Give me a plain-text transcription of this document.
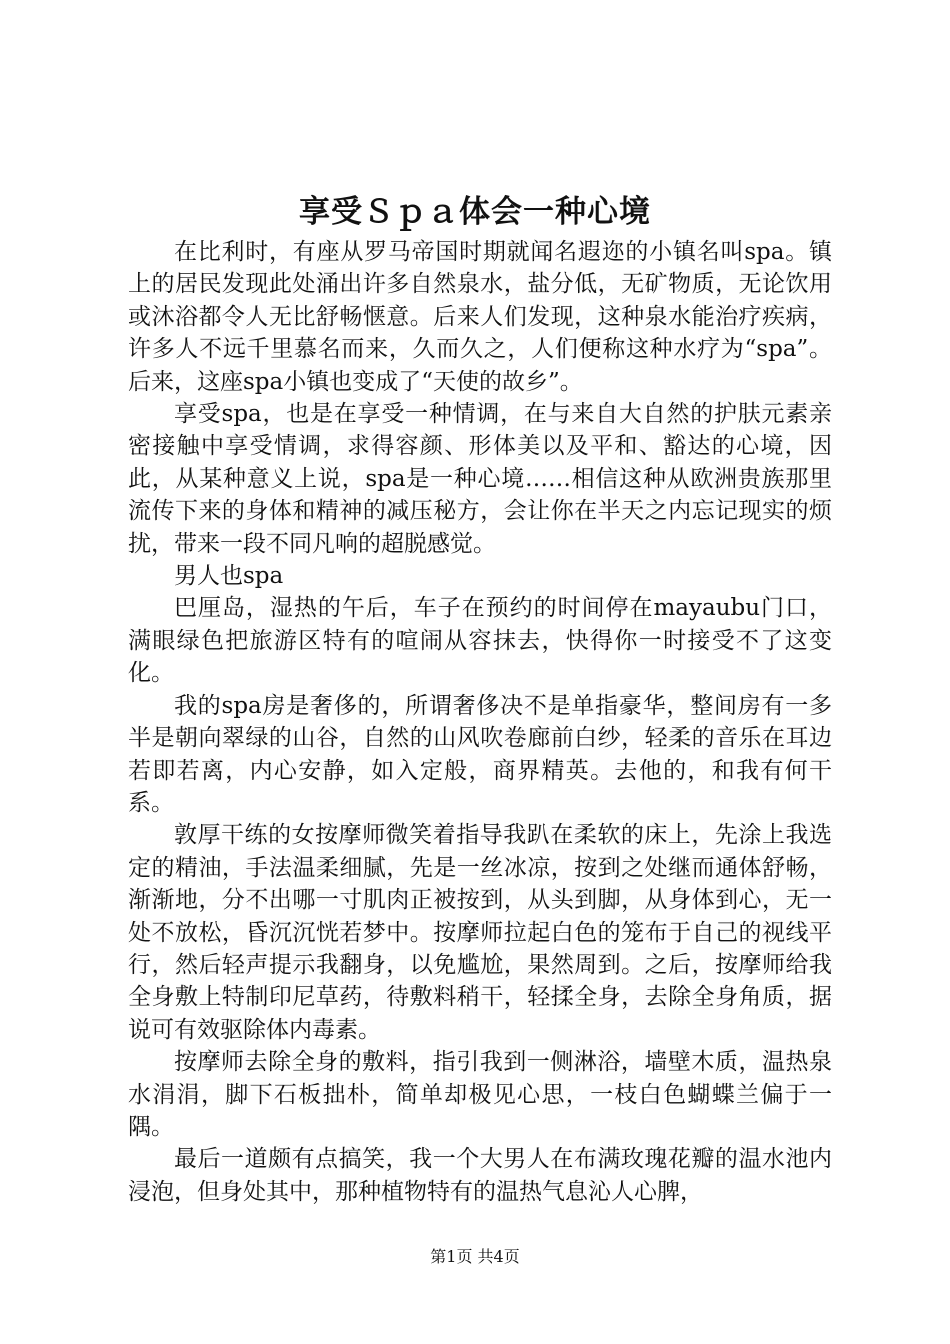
享受Ｓｐａ体会一种心境

在比利时，有座从罗马帝国时期就闻名遐迩的小镇名叫spa。镇上的居民发现此处涌出许多自然泉水，盐分低，无矿物质，无论饮用或沐浴都令人无比舒畅惬意。后来人们发现，这种泉水能治疗疾病，许多人不远千里慕名而来，久而久之，人们便称这种水疗为“spa”。后来，这座spa小镇也变成了“天使的故乡”。

享受spa，也是在享受一种情调，在与来自大自然的护肤元素亲密接触中享受情调，求得容颜、形体美以及平和、豁达的心境，因此，从某种意义上说，spa是一种心境……相信这种从欧洲贵族那里流传下来的身体和精神的减压秘方，会让你在半天之内忘记现实的烦扰，带来一段不同凡响的超脱感觉。

男人也spa

巴厘岛，湿热的午后，车子在预约的时间停在mayaubu门口，满眼绿色把旅游区特有的喧闹从容抹去，快得你一时接受不了这变化。

我的spa房是奢侈的，所谓奢侈决不是单指豪华，整间房有一多半是朝向翠绿的山谷，自然的山风吹卷廊前白纱，轻柔的音乐在耳边若即若离，内心安静，如入定般，商界精英。去他的，和我有何干系。

敦厚干练的女按摩师微笑着指导我趴在柔软的床上，先涂上我选定的精油，手法温柔细腻，先是一丝冰凉，按到之处继而通体舒畅，渐渐地，分不出哪一寸肌肉正被按到，从头到脚，从身体到心，无一处不放松，昏沉沉恍若梦中。按摩师拉起白色的笼布于自己的视线平行，然后轻声提示我翻身，以免尴尬，果然周到。之后，按摩师给我全身敷上特制印尼草药，待敷料稍干，轻揉全身，去除全身角质，据说可有效驱除体内毒素。

按摩师去除全身的敷料，指引我到一侧淋浴，墙壁木质，温热泉水涓涓，脚下石板拙朴，简单却极见心思，一枝白色蝴蝶兰偏于一隅。

最后一道颇有点搞笑，我一个大男人在布满玫瑰花瓣的温水池内浸泡，但身处其中，那种植物特有的温热气息沁人心脾，

第1页 共4页
